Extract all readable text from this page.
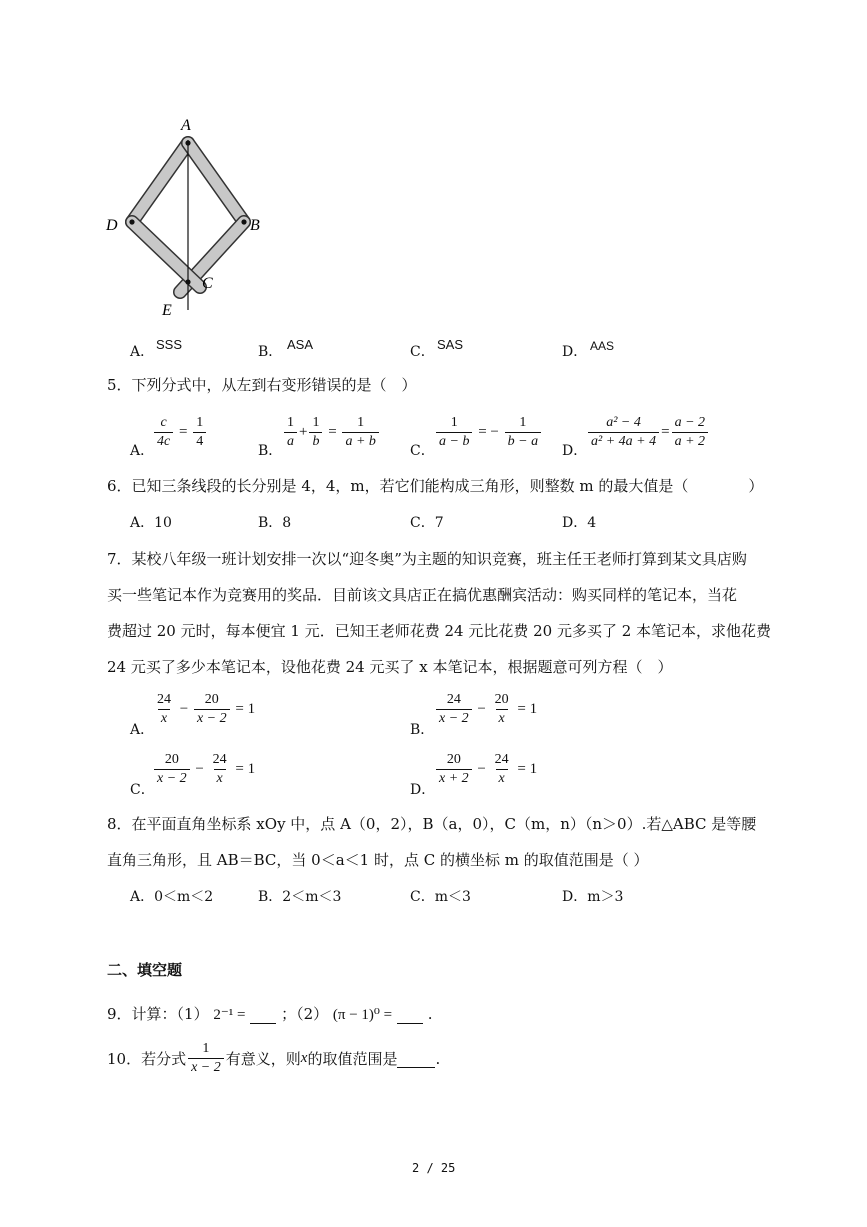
A
D	B
C
E
A． SSS	B． ASA	C． SAS	D． AAS
5．下列分式中，从左到右变形错误的是（　）
A． $\frac{c}{4c} = \frac{1}{4}$	B． $\frac{1}{a} + \frac{1}{b} = \frac{1}{a + b}$ C． $\frac{1}{a - b}$ = − $\frac{1}{b - a}$ D． $\frac{\text{a² − 4}}{\text{a² + 4a + 4}} = \frac{a - 2}{a + 2}$
6．已知三条线段的长分别是 4，4，m，若它们能构成三角形，则整数 m 的最大值是（　　　　）
A．10	B．8	C．7	D．4
7．某校八年级一班计划安排一次以“迎冬奥”为主题的知识竞赛，班主任王老师打算到某文具店购
买一些笔记本作为竞赛用的奖品．目前该文具店正在搞优惠酬宾活动：购买同样的笔记本，当花
费超过 20 元时，每本便宜 1 元．已知王老师花费 24 元比花费 20 元多买了 2 本笔记本，求他花费
24 元买了多少本笔记本，设他花费 24 元买了 x 本笔记本，根据题意可列方程（　）
A．
$\frac{24}{x} - \frac{20}{x - 2} = 1$
B．
$\frac{24}{x - 2} - \frac{20}{x} = 1$
C．
$\frac{20}{x - 2} - \frac{24}{x} = 1$
D．
$\frac{20}{x + 2} - \frac{24}{x} = 1$
8．在平面直角坐标系 xOy 中，点 A（0，2），B（a，0），C（m，n）（n＞0）.若△ABC 是等腰
直角三角形，且 AB＝BC，当 0＜a＜1 时，点 C 的横坐标 m 的取值范围是（ ）
A．0＜m＜2	B．2＜m＜3	C．m＜3	D．m＞3
二、填空题
9．计算：（1） 2⁻¹ = ；（2） (π − 1)⁰ = .
10．若分式 $\frac{1}{x - 2}$ 有意义，则 x 的取值范围是
	.
2 / 25
